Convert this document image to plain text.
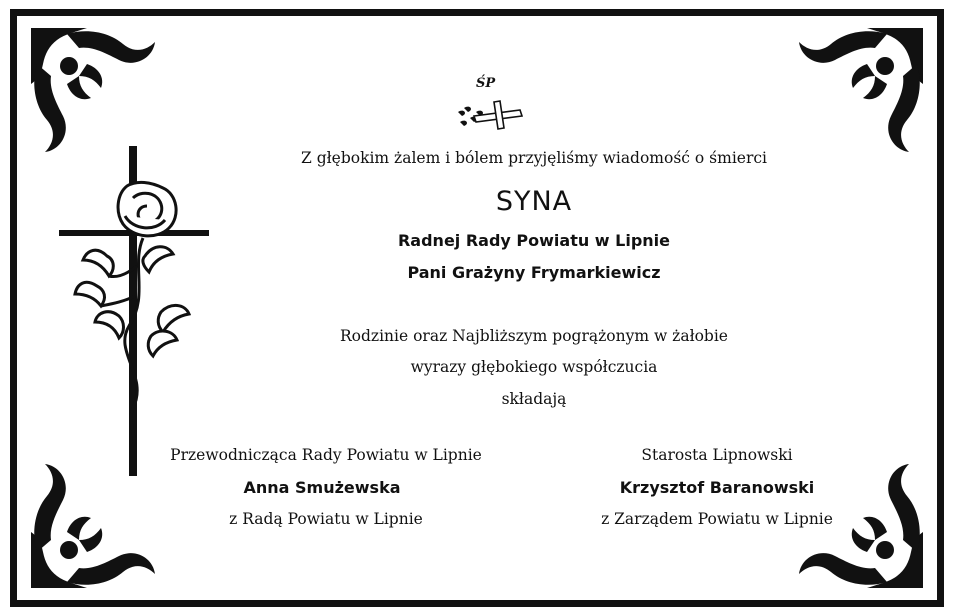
ŚP
Z głębokim żalem i bólem przyjęliśmy wiadomość o śmierci
SYNA
Radnej Rady Powiatu w Lipnie
Pani Grażyny Frymarkiewicz
Rodzinie oraz Najbliższym pogrążonym w żałobie
wyrazy głębokiego współczucia
składają
Przewodnicząca Rady Powiatu w Lipnie
Anna Smużewska
z Radą Powiatu w Lipnie
Starosta Lipnowski
Krzysztof Baranowski
z Zarządem Powiatu w Lipnie
